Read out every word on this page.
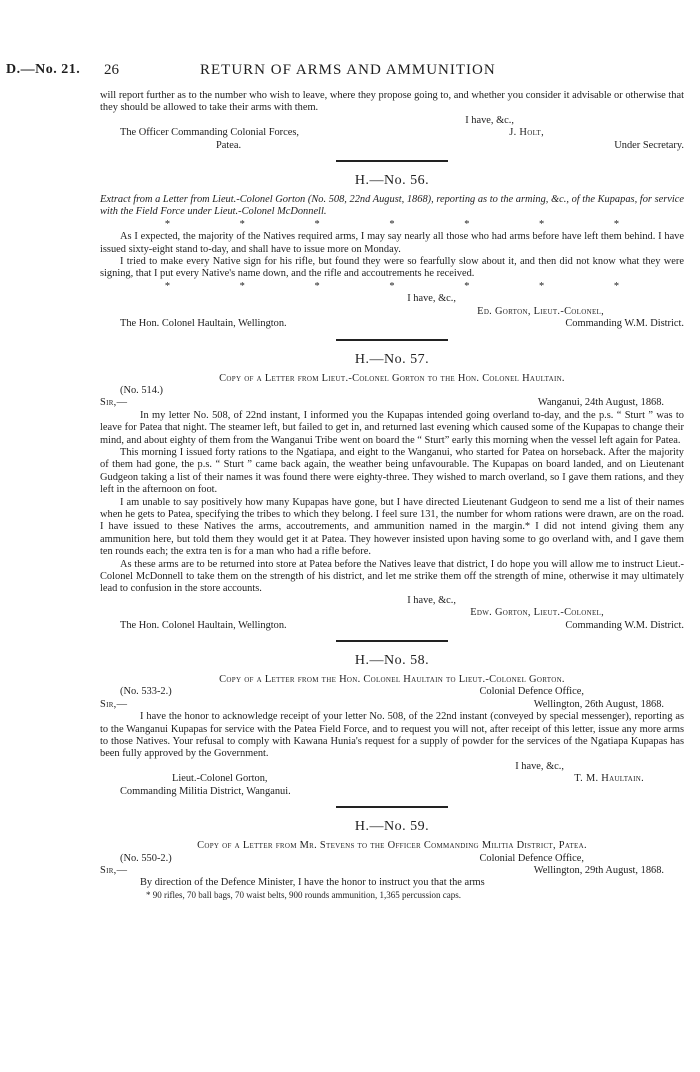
D.—No. 21. 26	RETURN OF ARMS AND AMMUNITION

will report further as to the number who wish to leave, where they propose going to, and whether you consider it advisable or otherwise that they should be allowed to take their arms with them.

I have, &c.,

The Officer Commanding Colonial Forces,	J. Holt,
Patea.	Under Secretary.
H.—No. 56.

Extract from a Letter from Lieut.-Colonel Gorton (No. 508, 22nd August, 1868), reporting as to the arming, &c., of the Kupapas, for service with the Field Force under Lieut.-Colonel McDonnell.

*	*	*	*	*	*	*

As I expected, the majority of the Natives required arms, I may say nearly all those who had arms before have left them behind. I have issued sixty-eight stand to-day, and shall have to issue more on Monday.

I tried to make every Native sign for his rifle, but found they were so fearfully slow about it, and then did not know what they were signing, that I put every Native's name down, and the rifle and accoutrements he received.

*	*	*	*	*	*	*

I have, &c.,

Ed. Gorton, Lieut.-Colonel,

The Hon. Colonel Haultain, Wellington.	Commanding W.M. District.
H.—No. 57.

Copy of a Letter from Lieut.-Colonel Gorton to the Hon. Colonel Haultain.

(No. 514.)

Sir,—	Wanganui, 24th August, 1868.

In my letter No. 508, of 22nd instant, I informed you the Kupapas intended going overland to-day, and the p.s. “ Sturt ” was to leave for Patea that night. The steamer left, but failed to get in, and returned last evening which caused some of the Kupapas to change their mind, and about eighty of them from the Wanganui Tribe went on board the “ Sturt” early this morning when the vessel left again for Patea.

This morning I issued forty rations to the Ngatiapa, and eight to the Wanganui, who started for Patea on horseback. After the majority of them had gone, the p.s. “ Sturt ” came back again, the weather being unfavourable. The Kupapas on board landed, and on Lieutenant Gudgeon taking a list of their names it was found there were eighty-three. They wished to march overland, so I gave them rations, and they left in the afternoon on foot.

I am unable to say positively how many Kupapas have gone, but I have directed Lieutenant Gudgeon to send me a list of their names when he gets to Patea, specifying the tribes to which they belong. I feel sure 131, the number for whom rations were drawn, are on the road. I have issued to these Natives the arms, accoutrements, and ammunition named in the margin.* I did not intend giving them any ammunition here, but told them they would get it at Patea. They however insisted upon having some to go overland with, and I gave them ten rounds each; the extra ten is for a man who had a rifle before.

As these arms are to be returned into store at Patea before the Natives leave that district, I do hope you will allow me to instruct Lieut.-Colonel McDonnell to take them on the strength of his district, and let me strike them off the strength of mine, otherwise it may ultimately lead to confusion in the store accounts.

I have, &c.,

Edw. Gorton, Lieut.-Colonel,

The Hon. Colonel Haultain, Wellington.	Commanding W.M. District.
H.—No. 58.

Copy of a Letter from the Hon. Colonel Haultain to Lieut.-Colonel Gorton.

(No. 533-2.)	Colonial Defence Office,
Sir,—	Wellington, 26th August, 1868.

I have the honor to acknowledge receipt of your letter No. 508, of the 22nd instant (conveyed by special messenger), reporting as to the Wanganui Kupapas for service with the Patea Field Force, and to request you will not, after receipt of this letter, issue any more arms to those Natives. Your refusal to comply with Kawana Hunia's request for a supply of powder for the services of the Ngatiapa Kupapas has been fully approved by the Government.

I have, &c.,

Lieut.-Colonel Gorton,	T. M. Haultain.

Commanding Militia District, Wanganui.

H.—No. 59.

Copy of a Letter from Mr. Stevens to the Officer Commanding Militia District, Patea.

(No. 550-2.)	Colonial Defence Office,
Sir,—	Wellington, 29th August, 1868.

By direction of the Defence Minister, I have the honor to instruct you that the arms

* 90 rifles, 70 ball bags, 70 waist belts, 900 rounds ammunition, 1,365 percussion caps.
